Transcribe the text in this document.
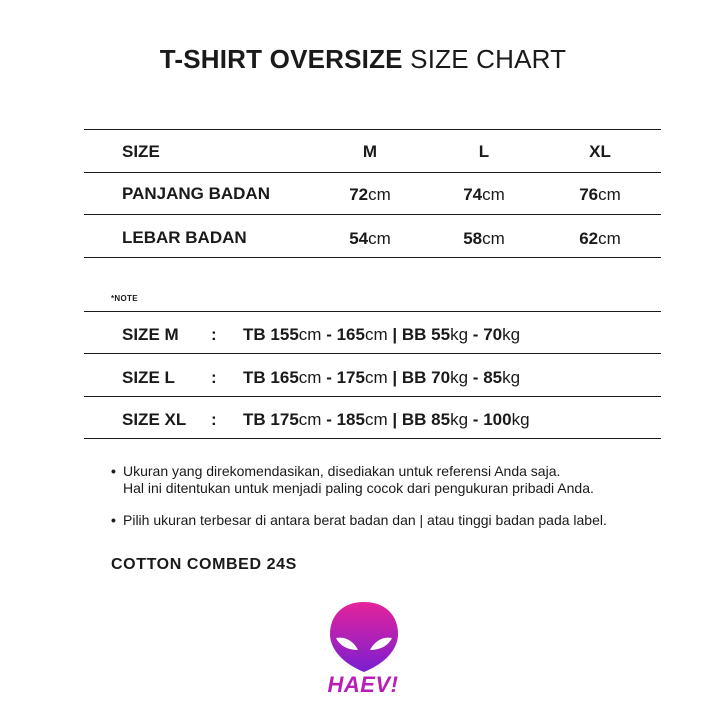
T-SHIRT OVERSIZE SIZE CHART
SIZE	M	L	XL
PANJANG BADAN	72cm	74cm	76cm
LEBAR BADAN	54cm	58cm	62cm
*NOTE
SIZE M : TB 155cm - 165cm | BB 55kg - 70kg
SIZE L : TB 165cm - 175cm | BB 70kg - 85kg
SIZE XL : TB 175cm - 185cm | BB 85kg - 100kg
• Ukuran yang direkomendasikan, disediakan untuk referensi Anda saja.
Hal ini ditentukan untuk menjadi paling cocok dari pengukuran pribadi Anda.
• Pilih ukuran terbesar di antara berat badan dan | atau tinggi badan pada label.
COTTON COMBED 24S
HAEV!
